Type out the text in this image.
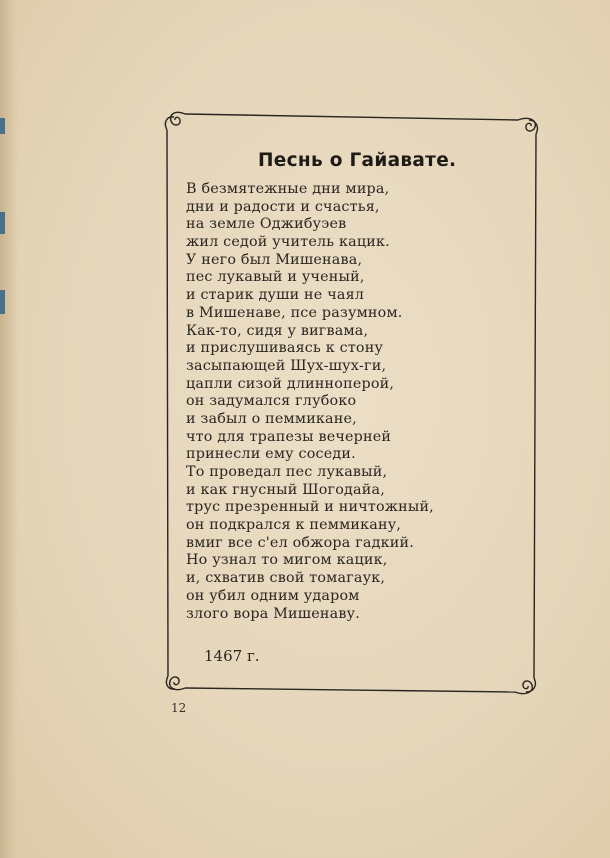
Песнь о Гайавате.
В безмятежные дни мира,
дни и радости и счастья,
на земле Оджибуэев
жил седой учитель кацик.
У него был Мишенава,
пес лукавый и ученый,
и старик души не чаял
в Мишенаве, псе разумном.
Как-то, сидя у вигвама,
и прислушиваясь к стону
засыпающей Шух-шух-ги,
цапли сизой длинноперой,
он задумался глубоко
и забыл о пеммикане,
что для трапезы вечерней
принесли ему соседи.
То проведал пес лукавый,
и как гнусный Шогодайа,
трус презренный и ничтожный,
он подкрался к пеммикану,
вмиг все с'ел обжора гадкий.
Но узнал то мигом кацик,
и, схватив свой томагаук,
он убил одним ударом
злого вора Мишенаву.
1467 г.
12
